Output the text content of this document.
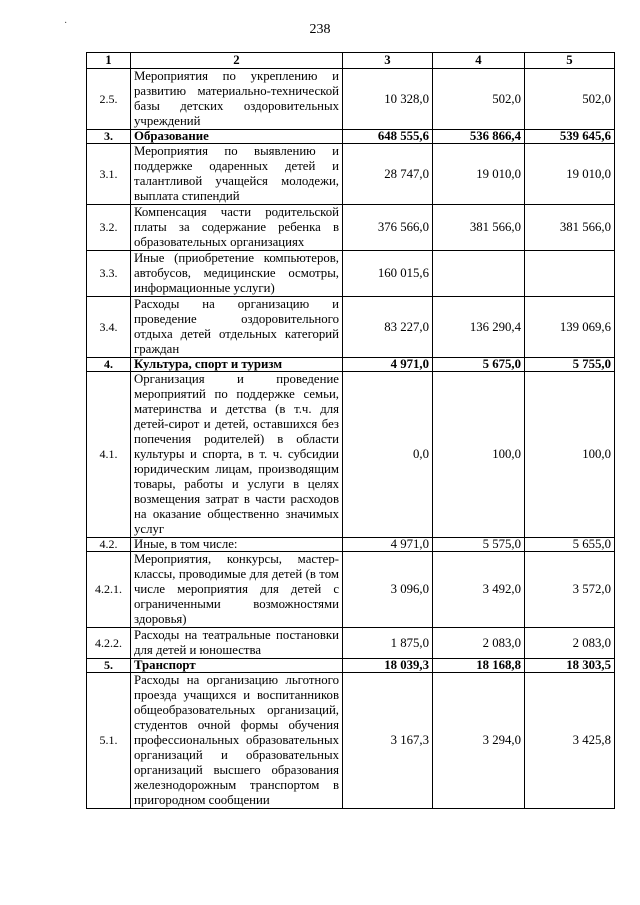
·	238
1	2	3	4	5
2.5.	Мероприятия по укреплению и развитию материально-технической базы детских оздоровительных учреждений	10 328,0	502,0	502,0
3.	Образование	648 555,6	536 866,4	539 645,6
3.1.	Мероприятия по выявлению и поддержке одаренных детей и талантливой учащейся молодежи, выплата стипендий	28 747,0	19 010,0	19 010,0
3.2.	Компенсация части родительской платы за содержание ребенка в образовательных организациях	376 566,0	381 566,0	381 566,0
3.3.	Иные (приобретение компьютеров, автобусов, медицинские осмотры, информационные услуги)	160 015,6		
3.4.	Расходы на организацию и проведение оздоровительного отдыха детей отдельных категорий граждан	83 227,0	136 290,4	139 069,6
4.	Культура, спорт и туризм	4 971,0	5 675,0	5 755,0
4.1.	Организация и проведение мероприятий по поддержке семьи, материнства и детства (в т.ч. для детей-сирот и детей, оставшихся без попечения родителей) в области культуры и спорта, в т. ч. субсидии юридическим лицам, производящим товары, работы и услуги в целях возмещения затрат в части расходов на оказание общественно значимых услуг	0,0	100,0	100,0
4.2.	Иные, в том числе:	4 971,0	5 575,0	5 655,0
4.2.1.	Мероприятия, конкурсы, мастер-классы, проводимые для детей (в том числе мероприятия для детей с ограниченными возможностями здоровья)	3 096,0	3 492,0	3 572,0
4.2.2.	Расходы на театральные постановки для детей и юношества	1 875,0	2 083,0	2 083,0
5.	Транспорт	18 039,3	18 168,8	18 303,5
5.1.	Расходы на организацию льготного проезда учащихся и воспитанников общеобразовательных организаций, студентов очной формы обучения профессиональных образовательных организаций и образовательных организаций высшего образования железнодорожным транспортом в пригородном сообщении	3 167,3	3 294,0	3 425,8
